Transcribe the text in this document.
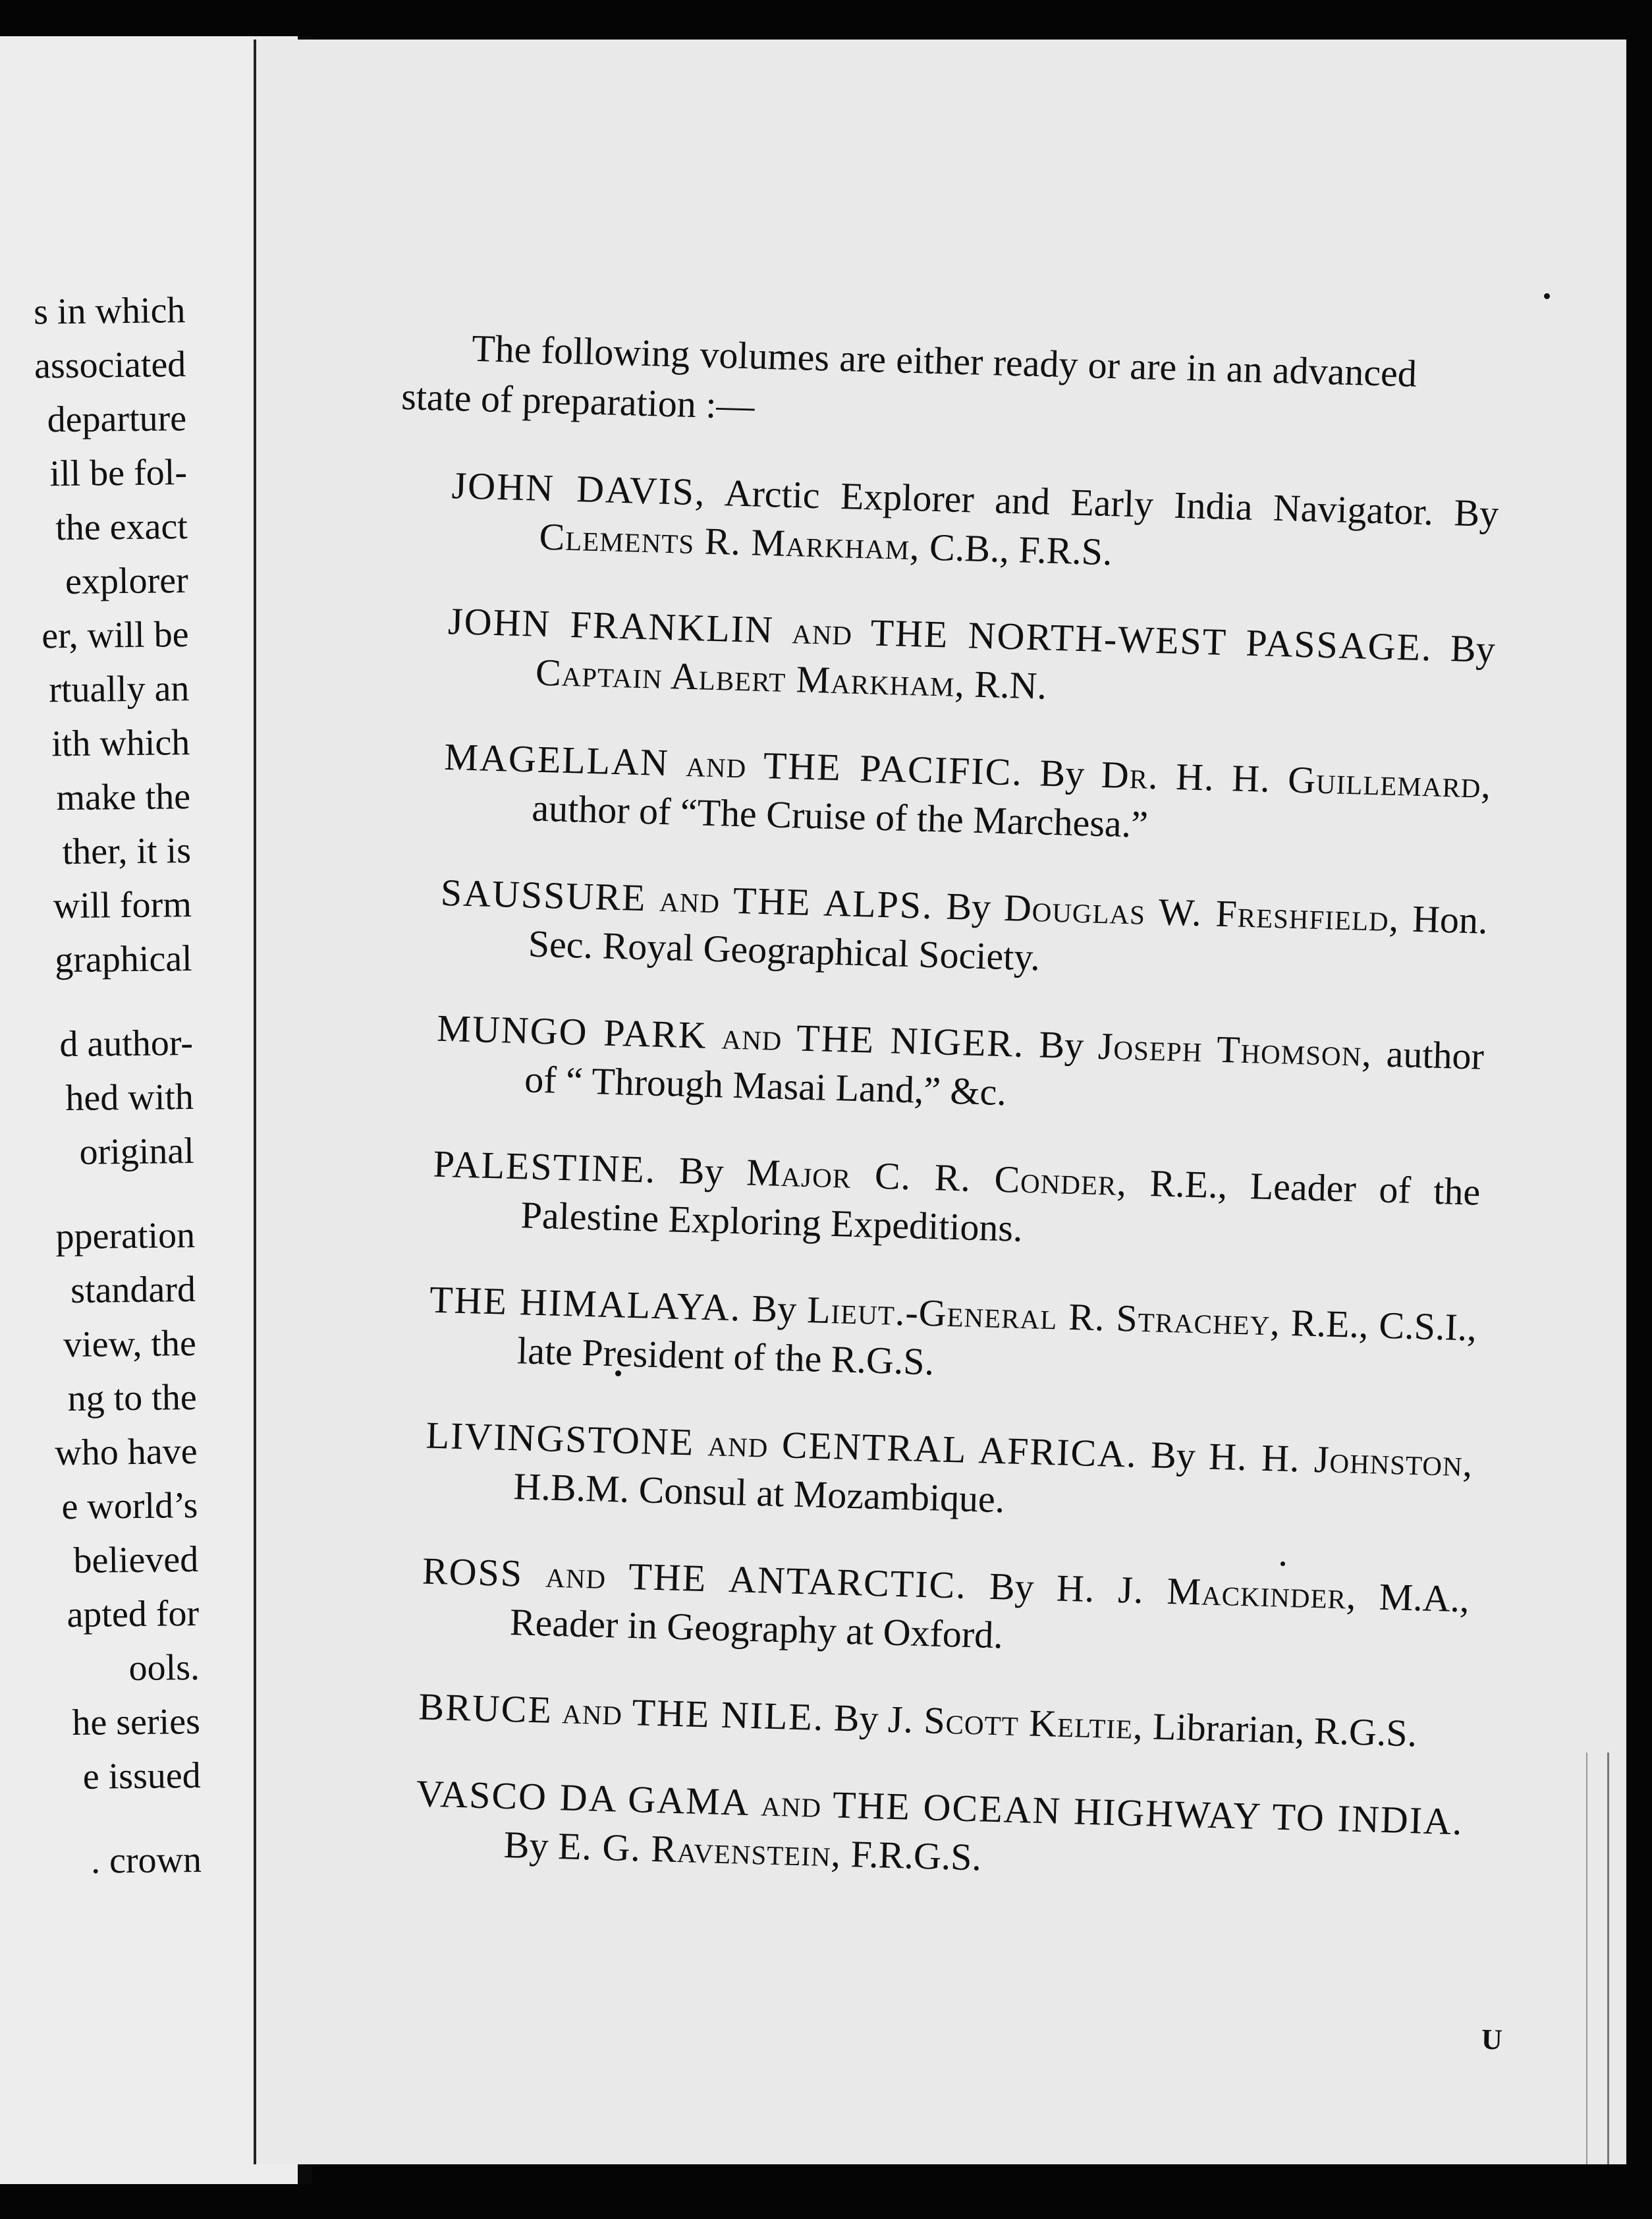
s in which
associated
departure
ill be fol-
the exact
explorer
er, will be
rtually an
ith which
make the
ther, it is
will form
graphical
d author-
hed with
original
pperation
standard
view, the
ng to the
who have
e world’s
believed
apted for
ools.
he series
e issued
. crown

The following volumes are either ready or are in an advanced state of preparation :—

JOHN DAVIS, Arctic Explorer and Early India Navigator. By Clements R. Markham, C.B., F.R.S.

JOHN FRANKLIN and THE NORTH-WEST PASSAGE. By Captain Albert Markham, R.N.

MAGELLAN and THE PACIFIC. By Dr. H. H. Guillemard, author of “The Cruise of the Marchesa.”

SAUSSURE and THE ALPS. By Douglas W. Freshfield, Hon. Sec. Royal Geographical Society.

MUNGO PARK and THE NIGER. By Joseph Thomson, author of “ Through Masai Land,” &c.

PALESTINE. By Major C. R. Conder, R.E., Leader of the Palestine Exploring Expeditions.

THE HIMALAYA. By Lieut.-General R. Strachey, R.E., C.S.I., late President of the R.G.S.

LIVINGSTONE and CENTRAL AFRICA. By H. H. Johnston, H.B.M. Consul at Mozambique.

ROSS and THE ANTARCTIC. By H. J. Mackinder, M.A., Reader in Geography at Oxford.

BRUCE and THE NILE. By J. Scott Keltie, Librarian, R.G.S.

VASCO DA GAMA and THE OCEAN HIGHWAY TO INDIA. By E. G. Ravenstein, F.R.G.S.

U
